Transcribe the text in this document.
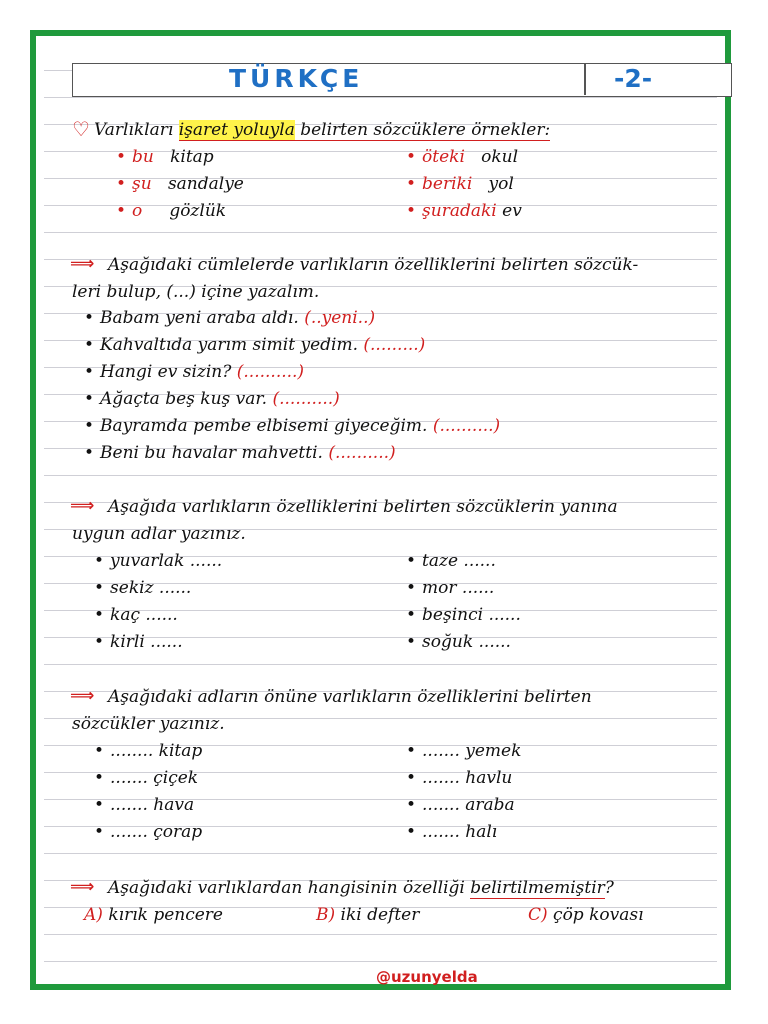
TÜRKÇE	-2-
♡ Varlıkları işaret yoluyla belirten sözcüklere örnekler:
• bu kitap
• şu sandalye
• o gözlük
• öteki okul
• beriki yol
• şuradaki ev
⟹ Aşağıdaki cümlelerde varlıkların özelliklerini belirten sözcük-
leri bulup, (...) içine yazalım.
• Babam yeni araba aldı. (..yeni..)
• Kahvaltıda yarım simit yedim. (.........)
• Hangi ev sizin? (..........)
• Ağaçta beş kuş var. (..........)
• Bayramda pembe elbisemi giyeceğim. (..........)
• Beni bu havalar mahvetti. (..........)
⟹ Aşağıda varlıkların özelliklerini belirten sözcüklerin yanına
uygun adlar yazınız.
• yuvarlak ......
• sekiz ......
• kaç ......
• kirli ......
• taze ......
• mor ......
• beşinci ......
• soğuk ......
⟹ Aşağıdaki adların önüne varlıkların özelliklerini belirten
sözcükler yazınız.
• ........ kitap
• ....... çiçek
• ....... hava
• ....... çorap
• ....... yemek
• ....... havlu
• ....... araba
• ....... halı
⟹ Aşağıdaki varlıklardan hangisinin özelliği belirtilmemiştir?
A) kırık pencere	B) iki defter	C) çöp kovası
@uzunyelda
